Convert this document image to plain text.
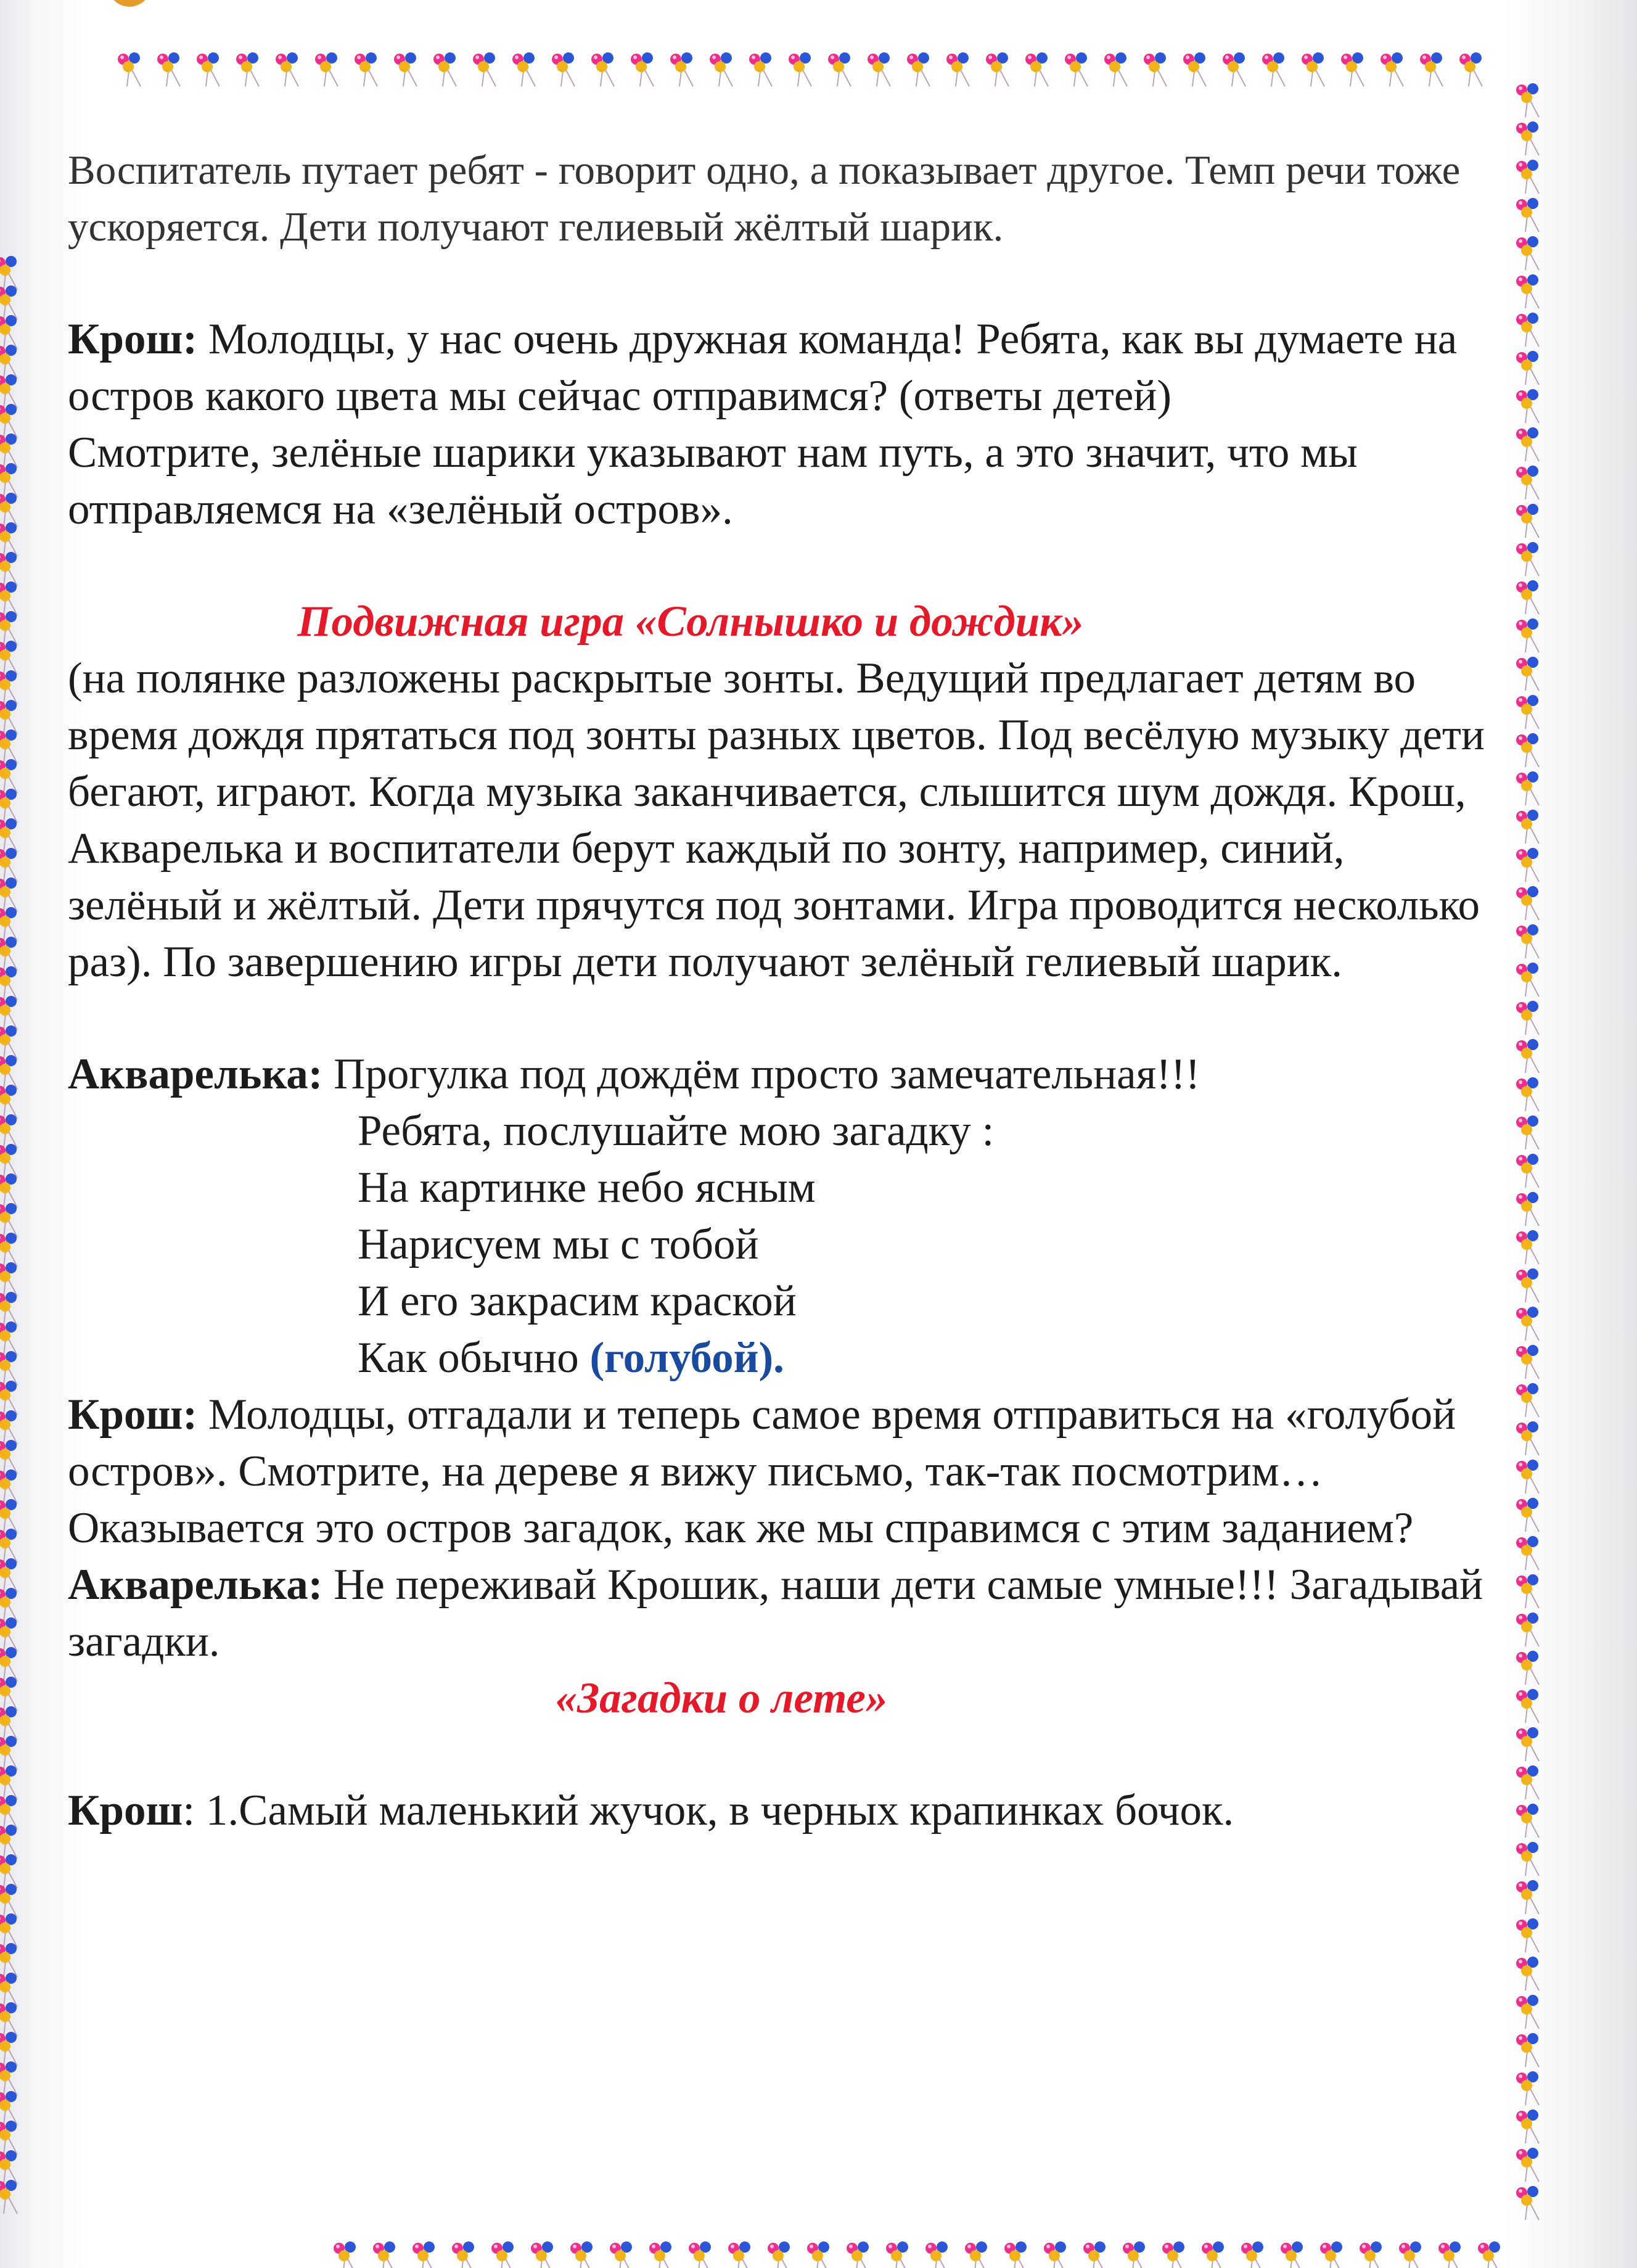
Воспитатель путает ребят - говорит одно, а показывает другое. Темп речи тоже ускоряется. Дети получают гелиевый жёлтый шарик.

Крош: Молодцы, у нас очень дружная команда! Ребята, как вы думаете на остров какого цвета мы сейчас отправимся? (ответы детей)

Смотрите, зелёные шарики указывают нам путь, а это значит, что мы отправляемся на «зелёный остров».

Подвижная игра «Солнышко и дождик»

(на полянке разложены раскрытые зонты. Ведущий предлагает детям во время дождя прятаться под зонты разных цветов. Под весёлую музыку дети бегают, играют. Когда музыка заканчивается, слышится шум дождя. Крош, Акварелька и воспитатели берут каждый по зонту, например, синий, зелёный и жёлтый. Дети прячутся под зонтами. Игра проводится несколько раз). По завершению игры дети получают зелёный гелиевый шарик.

Акварелька: Прогулка под дождём просто замечательная!!!

Ребята, послушайте мою загадку :

На картинке небо ясным

Нарисуем мы с тобой

И его закрасим краской

Как обычно (голубой).

Крош: Молодцы, отгадали и теперь самое время отправиться на «голубой остров». Смотрите, на дереве я вижу письмо, так-так посмотрим…

Оказывается это остров загадок, как же мы справимся с этим заданием?

Акварелька: Не переживай Крошик, наши дети самые умные!!! Загадывай загадки.

«Загадки о лете»

Крош: 1.Самый маленький жучок, в черных крапинках бочок.
